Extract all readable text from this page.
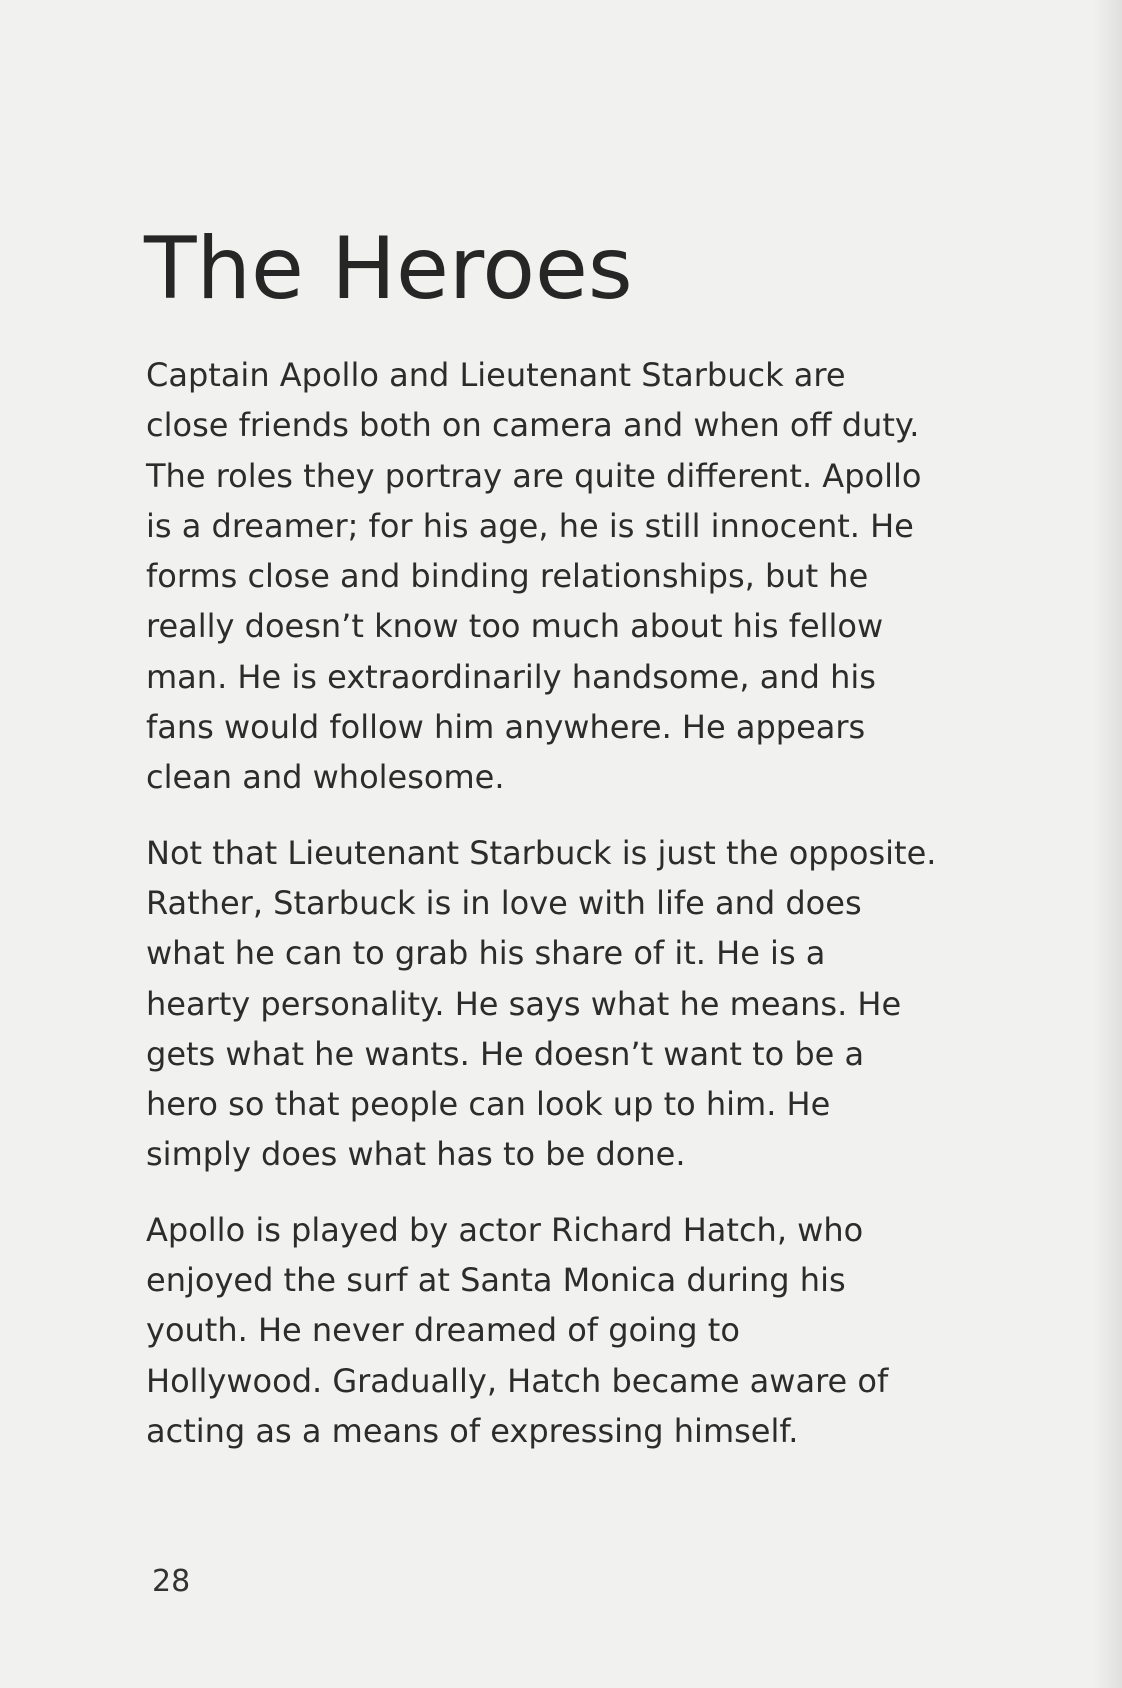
The Heroes

Captain Apollo and Lieutenant Starbuck are
close friends both on camera and when off duty.
The roles they portray are quite different. Apollo
is a dreamer; for his age, he is still innocent. He
forms close and binding relationships, but he
really doesn’t know too much about his fellow
man. He is extraordinarily handsome, and his
fans would follow him anywhere. He appears
clean and wholesome.

Not that Lieutenant Starbuck is just the opposite.
Rather, Starbuck is in love with life and does
what he can to grab his share of it. He is a
hearty personality. He says what he means. He
gets what he wants. He doesn’t want to be a
hero so that people can look up to him. He
simply does what has to be done.

Apollo is played by actor Richard Hatch, who
enjoyed the surf at Santa Monica during his
youth. He never dreamed of going to
Hollywood. Gradually, Hatch became aware of
acting as a means of expressing himself.

28
